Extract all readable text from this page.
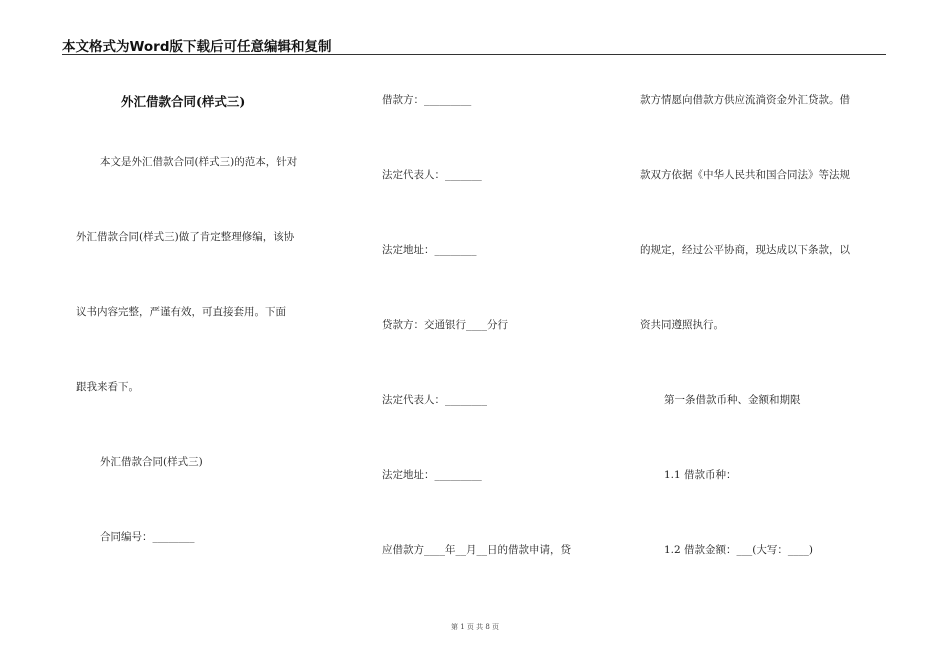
本文格式为Word版下载后可任意编辑和复制
外汇借款合同(样式三)
本文是外汇借款合同(样式三)的范本，针对
外汇借款合同(样式三)做了肯定整理修编，该协
议书内容完整，严谨有效，可直接套用。下面
跟我来看下。
外汇借款合同(样式三)
合同编号：________
借款方：_________
法定代表人：_______
法定地址：________
贷款方：交通银行____分行
法定代表人：________
法定地址：_________
应借款方____年__月__日的借款申请，贷
款方情愿向借款方供应流淌资金外汇贷款。借
款双方依据《中华人民共和国合同法》等法规
的规定，经过公平协商，现达成以下条款，以
资共同遵照执行。
第一条借款币种、金额和期限
1.1 借款币种：
1.2 借款金额：___(大写：____)
第 1 页 共 8 页
